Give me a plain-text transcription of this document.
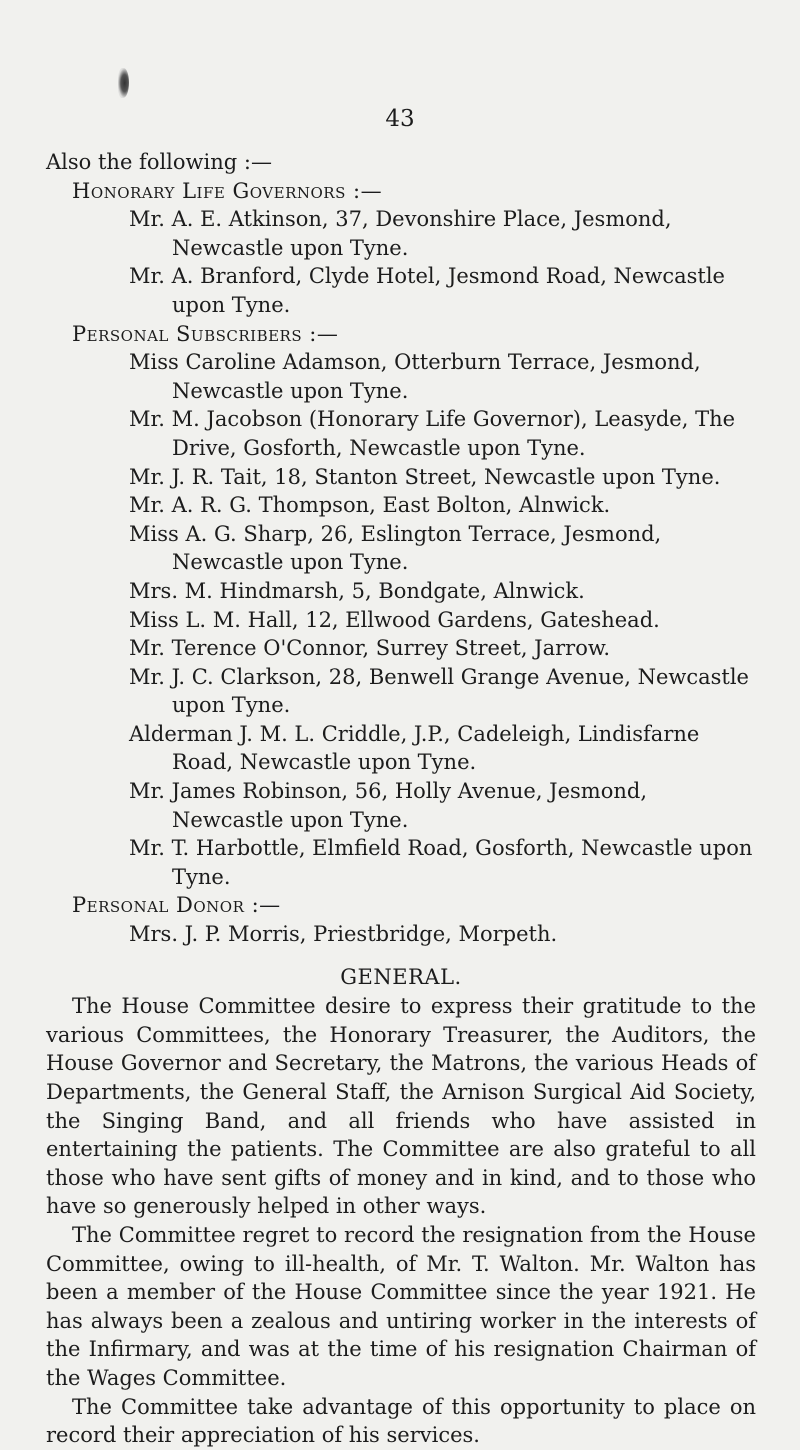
43

Also the following :—

Honorary Life Governors :—

Mr. A. E. Atkinson, 37, Devonshire Place, Jesmond, Newcastle upon Tyne.

Mr. A. Branford, Clyde Hotel, Jesmond Road, Newcastle upon Tyne.

Personal Subscribers :—

Miss Caroline Adamson, Otterburn Terrace, Jesmond, Newcastle upon Tyne.

Mr. M. Jacobson (Honorary Life Governor), Leasyde, The Drive, Gosforth, Newcastle upon Tyne.

Mr. J. R. Tait, 18, Stanton Street, Newcastle upon Tyne.

Mr. A. R. G. Thompson, East Bolton, Alnwick.

Miss A. G. Sharp, 26, Eslington Terrace, Jesmond, Newcastle upon Tyne.

Mrs. M. Hindmarsh, 5, Bondgate, Alnwick.

Miss L. M. Hall, 12, Ellwood Gardens, Gateshead.

Mr. Terence O'Connor, Surrey Street, Jarrow.

Mr. J. C. Clarkson, 28, Benwell Grange Avenue, Newcastle upon Tyne.

Alderman J. M. L. Criddle, J.P., Cadeleigh, Lindisfarne Road, Newcastle upon Tyne.

Mr. James Robinson, 56, Holly Avenue, Jesmond, Newcastle upon Tyne.

Mr. T. Harbottle, Elmfield Road, Gosforth, Newcastle upon Tyne.

Personal Donor :—

Mrs. J. P. Morris, Priestbridge, Morpeth.

GENERAL.

The House Committee desire to express their gratitude to the various Committees, the Honorary Treasurer, the Auditors, the House Governor and Secretary, the Matrons, the various Heads of Departments, the General Staff, the Arnison Surgical Aid Society, the Singing Band, and all friends who have assisted in entertaining the patients. The Committee are also grateful to all those who have sent gifts of money and in kind, and to those who have so generously helped in other ways.

The Committee regret to record the resignation from the House Committee, owing to ill-health, of Mr. T. Walton. Mr. Walton has been a member of the House Committee since the year 1921. He has always been a zealous and untiring worker in the interests of the Infirmary, and was at the time of his resignation Chairman of the Wages Committee.

The Committee take advantage of this opportunity to place on record their appreciation of his services.
